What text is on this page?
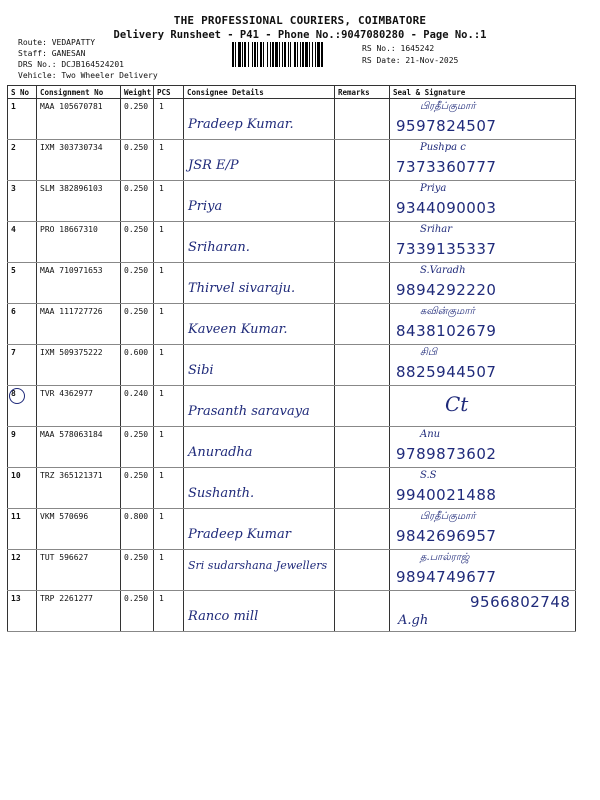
THE PROFESSIONAL COURIERS, COIMBATORE
Delivery Runsheet - P41 - Phone No.:9047080280 - Page No.:1
Route: VEDAPATTY
Staff: GANESAN
DRS No.: DCJB164524201
Vehicle: Two Wheeler Delivery
RS No.: 1645242
RS Date: 21-Nov-2025
S No	Consignment No	Weight	PCS	Consignee Details	Remarks	Seal & Signature
1	MAA 105670781	0.250	1	Pradeep Kumar.		பிரதீப்குமார்
9597824507

2	IXM 303730734	0.250	1	JSR E/P		Pushpa c
7373360777

3	SLM 382896103	0.250	1	Priya		Priya
9344090003

4	PRO 18667310	0.250	1	Sriharan.		Srihar
7339135337

5	MAA 710971653	0.250	1	Thirvel sivaraju.		S.Varadh
9894292220

6	MAA 111727726	0.250	1	Kaveen Kumar.		கவின்குமார்
8438102679

7	IXM 509375222	0.600	1	Sibi		சிபி
8825944507

8	TVR 4362977	0.240	1	Prasanth saravaya		Ct

9	MAA 578063184	0.250	1	Anuradha		Anu
9789873602

10	TRZ 365121371	0.250	1	Sushanth.		S.S
9940021488

11	VKM 570696	0.800	1	Pradeep Kumar		பிரதீப்குமார்
9842696957

12	TUT 596627	0.250	1	Sri sudarshana Jewellers		த.பால்ராஜ்
9894749677

13	TRP 2261277	0.250	1	Ranco mill		A.gh
9566802748
